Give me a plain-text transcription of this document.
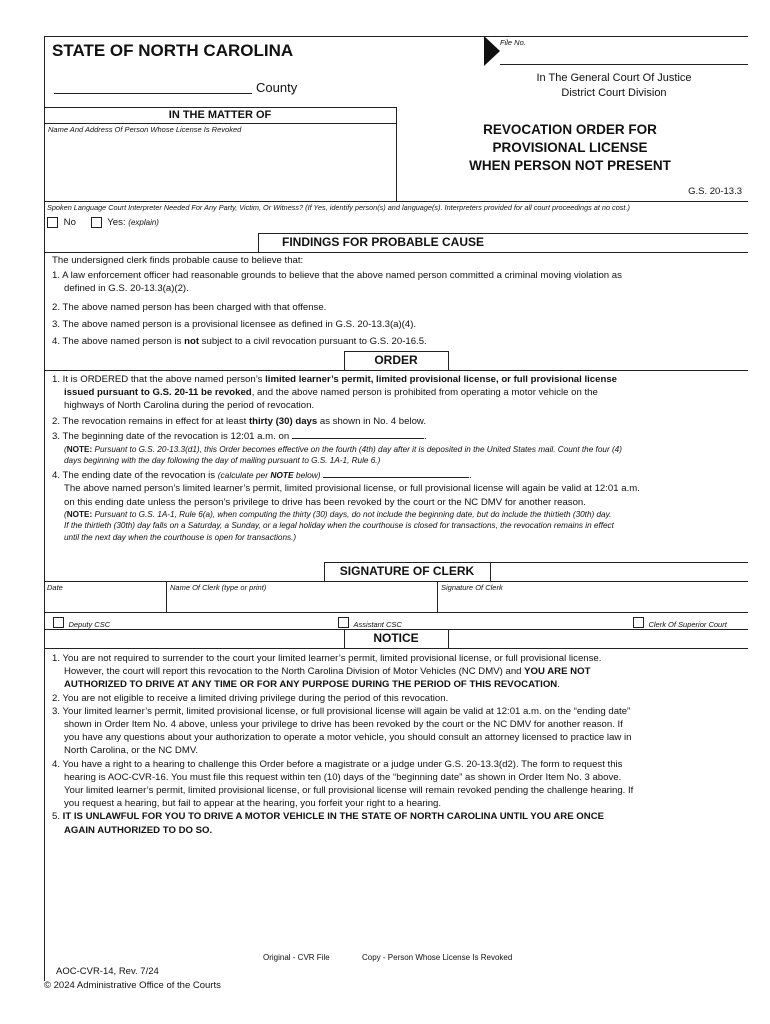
STATE OF NORTH CAROLINA	File No.
County
In The General Court Of Justice
District Court Division
IN THE MATTER OF
Name And Address Of Person Whose License Is Revoked	REVOCATION ORDER FOR
PROVISIONAL LICENSE
WHEN PERSON NOT PRESENT
G.S. 20-13.3
Spoken Language Court Interpreter Needed For Any Party, Victim, Or Witness? (If Yes, identify person(s) and language(s). Interpreters provided for all court proceedings at no cost.)
No	Yes: (explain)
FINDINGS FOR PROBABLE CAUSE
The undersigned clerk finds probable cause to believe that:
1. A law enforcement officer had reasonable grounds to believe that the above named person committed a criminal moving violation as
defined in G.S. 20-13.3(a)(2).
2. The above named person has been charged with that offense.
3. The above named person is a provisional licensee as defined in G.S. 20-13.3(a)(4).
4. The above named person is not subject to a civil revocation pursuant to G.S. 20-16.5.
ORDER
1. It is ORDERED that the above named person’s limited learner’s permit, limited provisional license, or full provisional license
issued pursuant to G.S. 20-11 be revoked, and the above named person is prohibited from operating a motor vehicle on the
highways of North Carolina during the period of revocation.
2. The revocation remains in effect for at least thirty (30) days as shown in No. 4 below.
3. The beginning date of the revocation is 12:01 a.m. on	.
(NOTE: Pursuant to G.S. 20-13.3(d1), this Order becomes effective on the fourth (4th) day after it is deposited in the United States mail. Count the four (4)
days beginning with the day following the day of mailing pursuant to G.S. 1A-1, Rule 6.)
4. The ending date of the revocation is (calculate per NOTE below)	.
The above named person’s limited learner’s permit, limited provisional license, or full provisional license will again be valid at 12:01 a.m.
on this ending date unless the person’s privilege to drive has been revoked by the court or the NC DMV for another reason.
(NOTE: Pursuant to G.S. 1A-1, Rule 6(a), when computing the thirty (30) days, do not include the beginning date, but do include the thirtieth (30th) day.
If the thirtieth (30th) day falls on a Saturday, a Sunday, or a legal holiday when the courthouse is closed for transactions, the revocation remains in effect
until the next day when the courthouse is open for transactions.)
SIGNATURE OF CLERK
Date	Name Of Clerk (type or print)	Signature Of Clerk
Deputy CSC	Assistant CSC	Clerk Of Superior Court
NOTICE
1. You are not required to surrender to the court your limited learner’s permit, limited provisional license, or full provisional license.
However, the court will report this revocation to the North Carolina Division of Motor Vehicles (NC DMV) and YOU ARE NOT
AUTHORIZED TO DRIVE AT ANY TIME OR FOR ANY PURPOSE DURING THE PERIOD OF THIS REVOCATION.
2. You are not eligible to receive a limited driving privilege during the period of this revocation.
3. Your limited learner’s permit, limited provisional license, or full provisional license will again be valid at 12:01 a.m. on the “ending date”
shown in Order Item No. 4 above, unless your privilege to drive has been revoked by the court or the NC DMV for another reason. If
you have any questions about your authorization to operate a motor vehicle, you should consult an attorney licensed to practice law in
North Carolina, or the NC DMV.
4. You have a right to a hearing to challenge this Order before a magistrate or a judge under G.S. 20-13.3(d2). The form to request this
hearing is AOC-CVR-16. You must file this request within ten (10) days of the “beginning date” as shown in Order Item No. 3 above.
Your limited learner’s permit, limited provisional license, or full provisional license will remain revoked pending the challenge hearing. If
you request a hearing, but fail to appear at the hearing, you forfeit your right to a hearing.
5. IT IS UNLAWFUL FOR YOU TO DRIVE A MOTOR VEHICLE IN THE STATE OF NORTH CAROLINA UNTIL YOU ARE ONCE
AGAIN AUTHORIZED TO DO SO.
Original - CVR File	Copy - Person Whose License Is Revoked
AOC-CVR-14, Rev. 7/24
© 2024 Administrative Office of the Courts
